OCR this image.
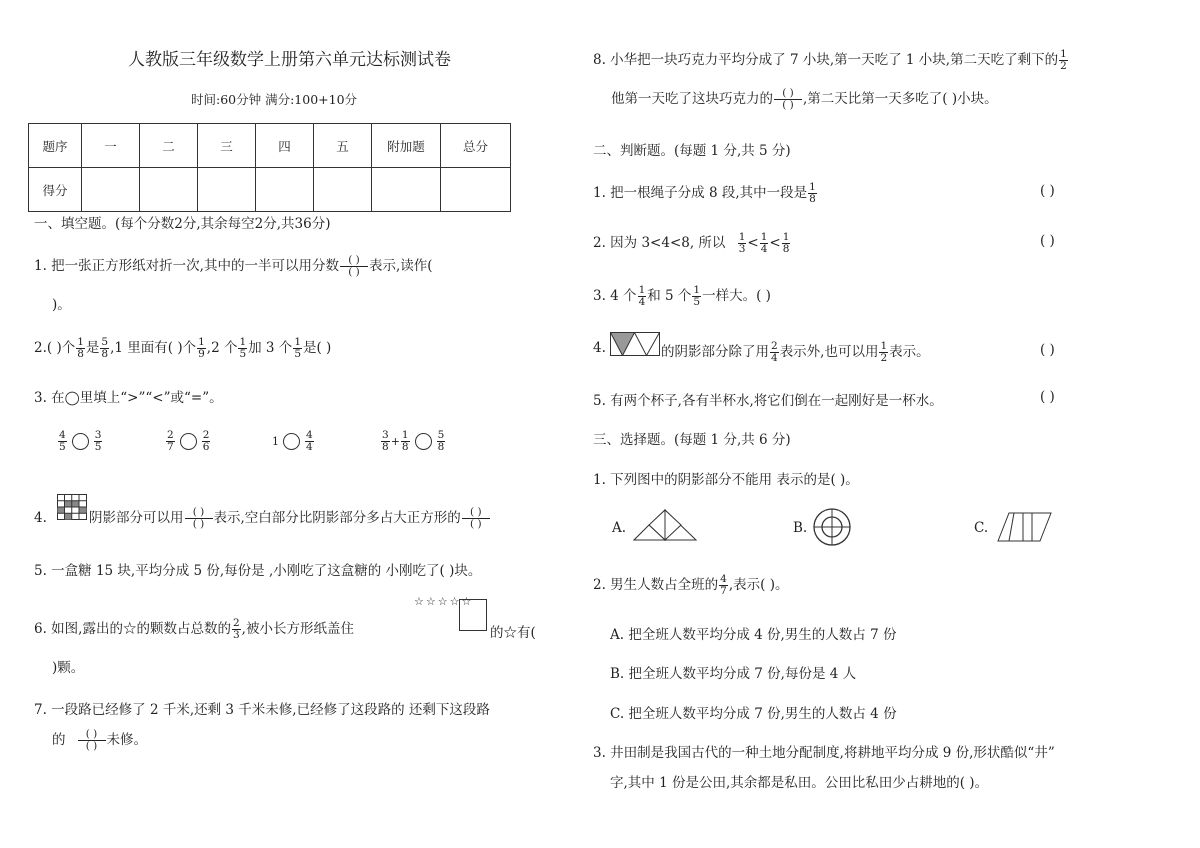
人教版三年级数学上册第六单元达标测试卷
时间:60分钟 满分:100+10分
题序	一	二	三	四	五	附加题	总分
得分							
一、填空题。(每个分数2分,其余每空2分,共36分)
1. 把一张正方形纸对折一次,其中的一半可以用分数 $\frac{( )}{( )}$ 表示,读作(
)。
2.( )个 $\frac{1}{8}$ 是 $\frac{5}{8} ,1$ 里面有( )个 $\frac{1}{9} ,2$ 个 $\frac{1}{5}$ 加 3 个 $\frac{1}{5}$ 是( )
3. 在◯里填上“>”“<”或“=”。
$\frac{4}{5}$	$\frac{3}{5}$	$\frac{2}{7}$	$\frac{2}{6}$	$1 \frac{4}{4}$	$\frac{3}{8} + \frac{1}{8}$	$\frac{5}{8}$
4.	阴影部分可以用 $\frac{( )}{( )}$ 表示,空白部分比阴影部分多占大正方形的 $\frac{( )}{( )}$
5. 一盒糖 15 块,平均分成 5 份,每份是 ,小刚吃了这盒糖的 小刚吃了( )块。
6. 如图,露出的☆的颗数占总数的 $\frac{2}{3}$ ,被小长方形纸盖住
☆☆☆☆☆
的☆有(
)颗。
7. 一段路已经修了 2 千米,还剩 3 千米未修,已经修了这段路的 还剩下这段路
的 $\frac{( )}{( )}$ 未修。
8. 小华把一块巧克力平均分成了 7 小块,第一天吃了 1 小块,第二天吃了剩下的 $\frac{1}{2}$
他第一天吃了这块巧克力的 $\frac{( )}{( )}$ ,第二天比第一天多吃了( )小块。
二、判断题。(每题 1 分,共 5 分)
1. 把一根绳子分成 8 段,其中一段是 $\frac{1}{8}$	( )
2. 因为 3<4<8, 所以 $\frac{1}{3} < \frac{1}{4} < \frac{1}{8}$	( )
3. 4 个 $\frac{1}{4}$ 和 5 个 $\frac{1}{5}$ 一样大。( )
4.	的阴影部分除了用 $\frac{2}{4}$ 表示外,也可以用 $\frac{1}{2}$ 表示。	( )
5. 有两个杯子,各有半杯水,将它们倒在一起刚好是一杯水。	( )
三、选择题。(每题 1 分,共 6 分)
1. 下列图中的阴影部分不能用 表示的是( )。
A.	B.	C.
2. 男生人数占全班的 $\frac{4}{7}$ ,表示( )。
A. 把全班人数平均分成 4 份,男生的人数占 7 份
B. 把全班人数平均分成 7 份,每份是 4 人
C. 把全班人数平均分成 7 份,男生的人数占 4 份
3. 井田制是我国古代的一种土地分配制度,将耕地平均分成 9 份,形状酷似“井”
字,其中 1 份是公田,其余都是私田。公田比私田少占耕地的( )。
